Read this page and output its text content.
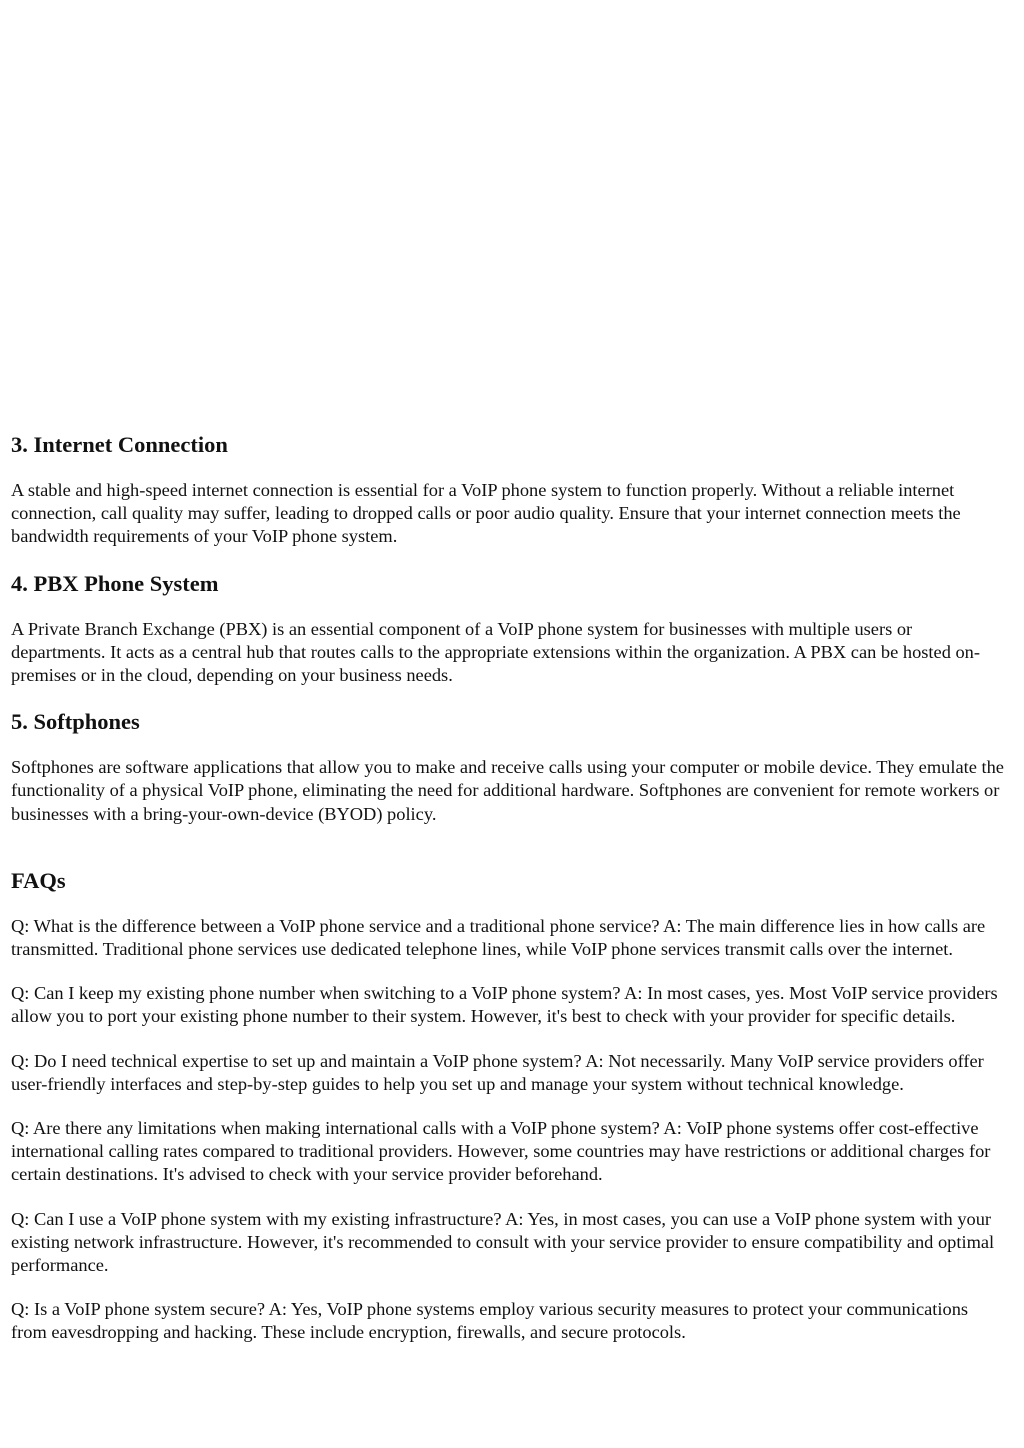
3. Internet Connection

A stable and high-speed internet connection is essential for a VoIP phone system to function properly. Without a reliable internet connection, call quality may suffer, leading to dropped calls or poor audio quality. Ensure that your internet connection meets the bandwidth requirements of your VoIP phone system.

4. PBX Phone System

A Private Branch Exchange (PBX) is an essential component of a VoIP phone system for businesses with multiple users or departments. It acts as a central hub that routes calls to the appropriate extensions within the organization. A PBX can be hosted on-premises or in the cloud, depending on your business needs.

5. Softphones

Softphones are software applications that allow you to make and receive calls using your computer or mobile device. They emulate the functionality of a physical VoIP phone, eliminating the need for additional hardware. Softphones are convenient for remote workers or businesses with a bring-your-own-device (BYOD) policy.

FAQs

Q: What is the difference between a VoIP phone service and a traditional phone service? A: The main difference lies in how calls are transmitted. Traditional phone services use dedicated telephone lines, while VoIP phone services transmit calls over the internet.

Q: Can I keep my existing phone number when switching to a VoIP phone system? A: In most cases, yes. Most VoIP service providers allow you to port your existing phone number to their system. However, it's best to check with your provider for specific details.

Q: Do I need technical expertise to set up and maintain a VoIP phone system? A: Not necessarily. Many VoIP service providers offer user-friendly interfaces and step-by-step guides to help you set up and manage your system without technical knowledge.

Q: Are there any limitations when making international calls with a VoIP phone system? A: VoIP phone systems offer cost-effective international calling rates compared to traditional providers. However, some countries may have restrictions or additional charges for certain destinations. It's advised to check with your service provider beforehand.

Q: Can I use a VoIP phone system with my existing infrastructure? A: Yes, in most cases, you can use a VoIP phone system with your existing network infrastructure. However, it's recommended to consult with your service provider to ensure compatibility and optimal performance.

Q: Is a VoIP phone system secure? A: Yes, VoIP phone systems employ various security measures to protect your communications from eavesdropping and hacking. These include encryption, firewalls, and secure protocols.
